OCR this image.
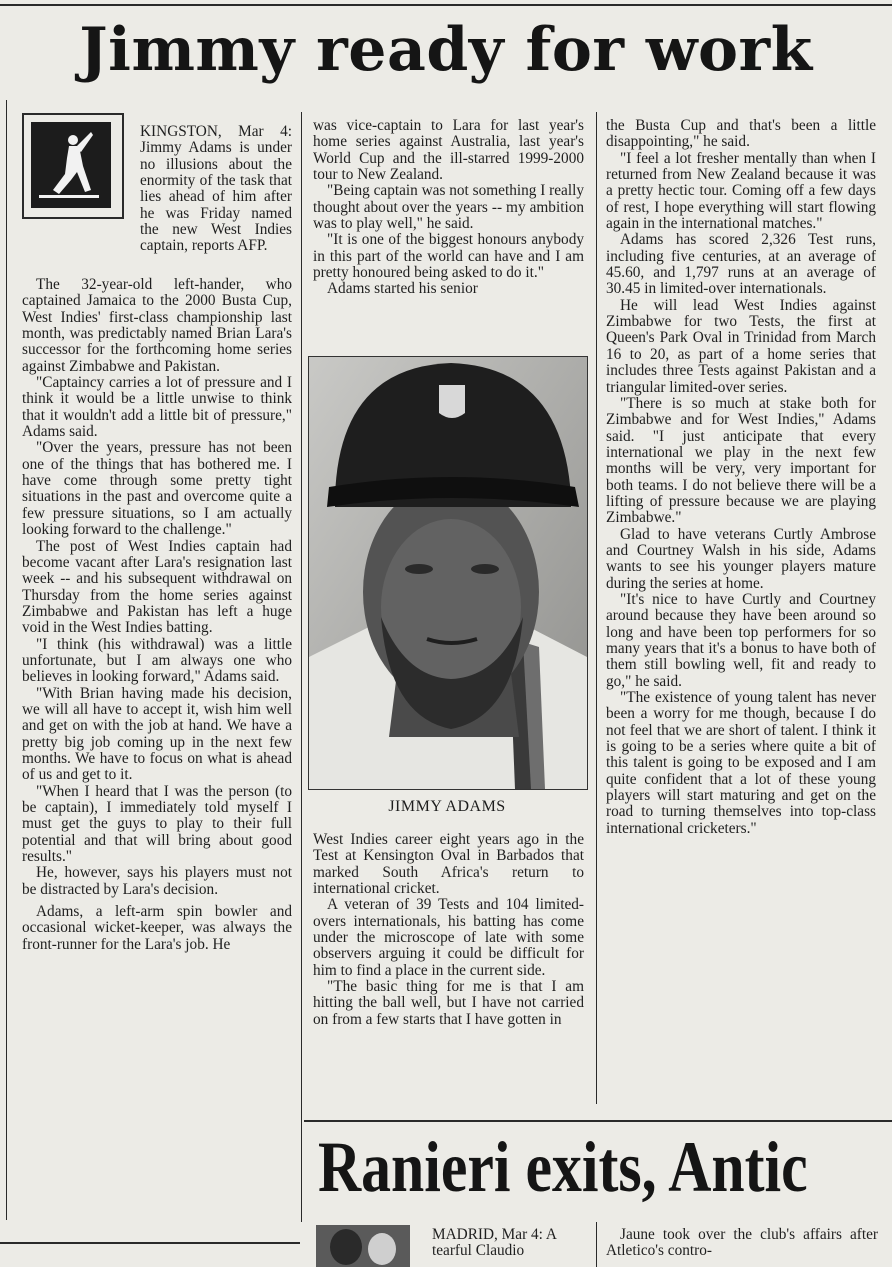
Jimmy ready for work

KINGSTON, Mar 4: Jimmy Adams is under no illusions about the enormity of the task that lies ahead of him after he was Friday named the new West Indies captain, reports AFP.

The 32-year-old left-hander, who captained Jamaica to the 2000 Busta Cup, West Indies' first-class championship last month, was predictably named Brian Lara's successor for the forthcoming home series against Zimbabwe and Pakistan.

"Captaincy carries a lot of pressure and I think it would be a little unwise to think that it wouldn't add a little bit of pressure," Adams said.

"Over the years, pressure has not been one of the things that has bothered me. I have come through some pretty tight situations in the past and overcome quite a few pressure situations, so I am actually looking forward to the challenge."

The post of West Indies captain had become vacant after Lara's resignation last week -- and his subsequent withdrawal on Thursday from the home series against Zimbabwe and Pakistan has left a huge void in the West Indies batting.

"I think (his withdrawal) was a little unfortunate, but I am always one who believes in looking forward," Adams said.

"With Brian having made his decision, we will all have to accept it, wish him well and get on with the job at hand. We have a pretty big job coming up in the next few months. We have to focus on what is ahead of us and get to it.

"When I heard that I was the person (to be captain), I immediately told myself I must get the guys to play to their full potential and that will bring about good results."

He, however, says his players must not be distracted by Lara's decision.

Adams, a left-arm spin bowler and occasional wicket-keeper, was always the front-runner for the Lara's job. He

was vice-captain to Lara for last year's home series against Australia, last year's World Cup and the ill-starred 1999-2000 tour to New Zealand.

"Being captain was not something I really thought about over the years -- my ambition was to play well," he said.

"It is one of the biggest honours anybody in this part of the world can have and I am pretty honoured being asked to do it."

Adams started his senior

JIMMY ADAMS

West Indies career eight years ago in the Test at Kensington Oval in Barbados that marked South Africa's return to international cricket.

A veteran of 39 Tests and 104 limited-overs internationals, his batting has come under the microscope of late with some observers arguing it could be difficult for him to find a place in the current side.

"The basic thing for me is that I am hitting the ball well, but I have not carried on from a few starts that I have gotten in

the Busta Cup and that's been a little disappointing," he said.

"I feel a lot fresher mentally than when I returned from New Zealand because it was a pretty hectic tour. Coming off a few days of rest, I hope everything will start flowing again in the international matches."

Adams has scored 2,326 Test runs, including five centuries, at an average of 45.60, and 1,797 runs at an average of 30.45 in limited-over internationals.

He will lead West Indies against Zimbabwe for two Tests, the first at Queen's Park Oval in Trinidad from March 16 to 20, as part of a home series that includes three Tests against Pakistan and a triangular limited-over series.

"There is so much at stake both for Zimbabwe and for West Indies," Adams said. "I just anticipate that every international we play in the next few months will be very, very important for both teams. I do not believe there will be a lifting of pressure because we are playing Zimbabwe."

Glad to have veterans Curtly Ambrose and Courtney Walsh in his side, Adams wants to see his younger players mature during the series at home.

"It's nice to have Curtly and Courtney around because they have been around so long and have been top performers for so many years that it's a bonus to have both of them still bowling well, fit and ready to go," he said.

"The existence of young talent has never been a worry for me though, because I do not feel that we are short of talent. I think it is going to be a series where quite a bit of this talent is going to be exposed and I am quite confident that a lot of these young players will start maturing and get on the road to turning themselves into top-class international cricketers."

Ranieri exits, Antic

MADRID, Mar 4: A tearful Claudio

Jaune took over the club's affairs after Atletico's contro-
